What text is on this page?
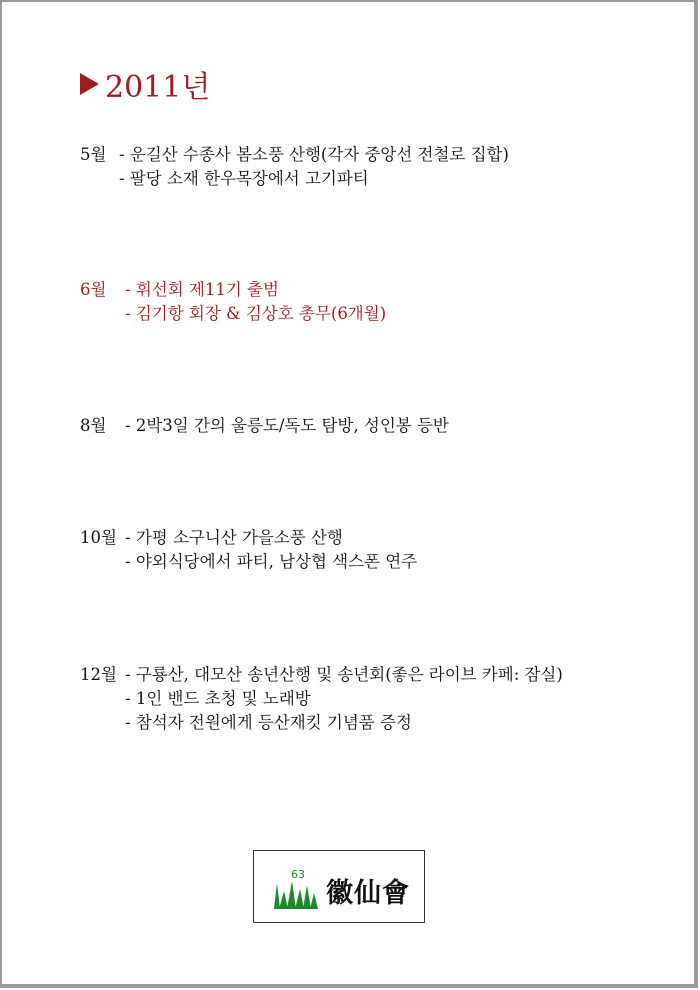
2011년
5월 - 운길산 수종사 봄소풍 산행(각자 중앙선 전철로 집합)
- 팔당 소재 한우목장에서 고기파티
6월	- 휘선회 제11기 출범
- 김기항 회장 & 김상호 총무(6개월)
8월	- 2박3일 간의 울릉도/독도 탐방, 성인봉 등반
10월 - 가평 소구니산 가을소풍 산행
- 야외식당에서 파티, 남상협 색스폰 연주
12월 - 구룡산, 대모산 송년산행 및 송년회(좋은 라이브 카페: 잠실)
- 1인 밴드 초청 및 노래방
- 참석자 전원에게 등산재킷 기념품 증정
63
徽仙會
